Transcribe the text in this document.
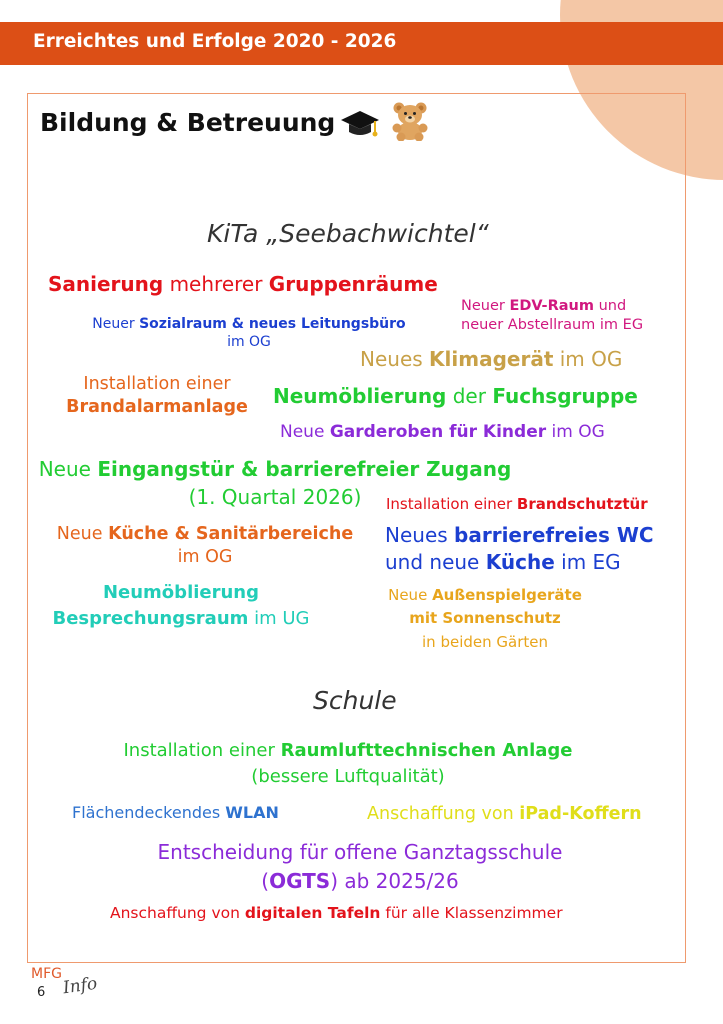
Erreichtes und Erfolge 2020 - 2026
Bildung & Betreuung
KiTa „Seebachwichtel“
Sanierung mehrerer Gruppenräume
Neuer EDV-Raum und
neuer Abstellraum im EG
Neuer Sozialraum & neues Leitungsbüro
im OG
Neues Klimagerät im OG
Installation einer
Brandalarmanlage	Neumöblierung der Fuchsgruppe
Neue Garderoben für Kinder im OG
Neue Eingangstür & barrierefreier Zugang
(1. Quartal 2026)	Installation einer Brandschutztür
Neue Küche & Sanitärbereiche
im OG
Neues barrierefreies WC
und neue Küche im EG
Neumöblierung
Besprechungsraum im UG
Neue Außenspielgeräte
mit Sonnenschutz
in beiden Gärten
Schule
Installation einer Raumlufttechnischen Anlage
(bessere Luftqualität)
Flächendeckendes WLAN	Anschaffung von iPad-Koffern
Entscheidung für offene Ganztagsschule
(OGTS) ab 2025/26
Anschaffung von digitalen Tafeln für alle Klassenzimmer
MFG
6 Info
